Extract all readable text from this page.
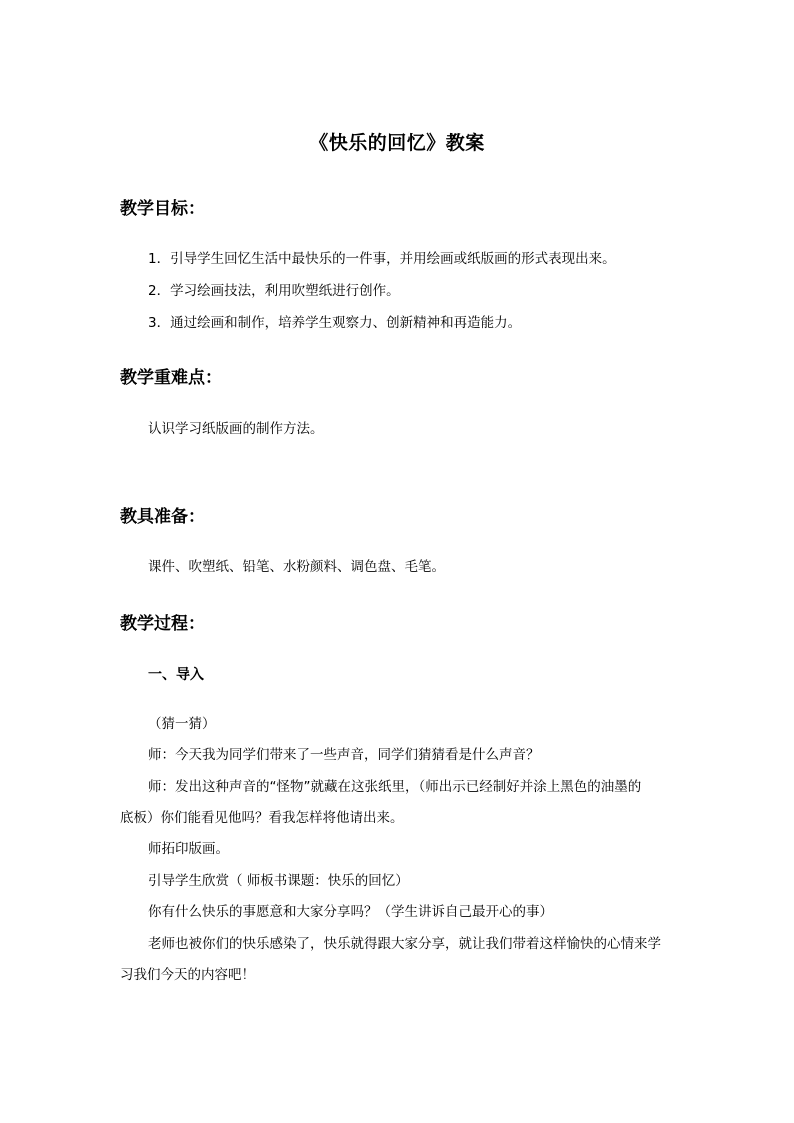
《快乐的回忆》教案
教学目标：
1．引导学生回忆生活中最快乐的一件事，并用绘画或纸版画的形式表现出来。
2．学习绘画技法，利用吹塑纸进行创作。
3．通过绘画和制作，培养学生观察力、创新精神和再造能力。
教学重难点：
认识学习纸版画的制作方法。
教具准备：
课件、吹塑纸、铅笔、水粉颜料、调色盘、毛笔。
教学过程：
一、导入
（猜一猜）
师：今天我为同学们带来了一些声音，同学们猜猜看是什么声音？
师：发出这种声音的“怪物”就藏在这张纸里，（师出示已经制好并涂上黑色的油墨的
底板）你们能看见他吗？看我怎样将他请出来。
师拓印版画。
引导学生欣赏（ 师板书课题：快乐的回忆）
你有什么快乐的事愿意和大家分享吗？（学生讲诉自己最开心的事）
老师也被你们的快乐感染了，快乐就得跟大家分享，就让我们带着这样愉快的心情来学
习我们今天的内容吧！
